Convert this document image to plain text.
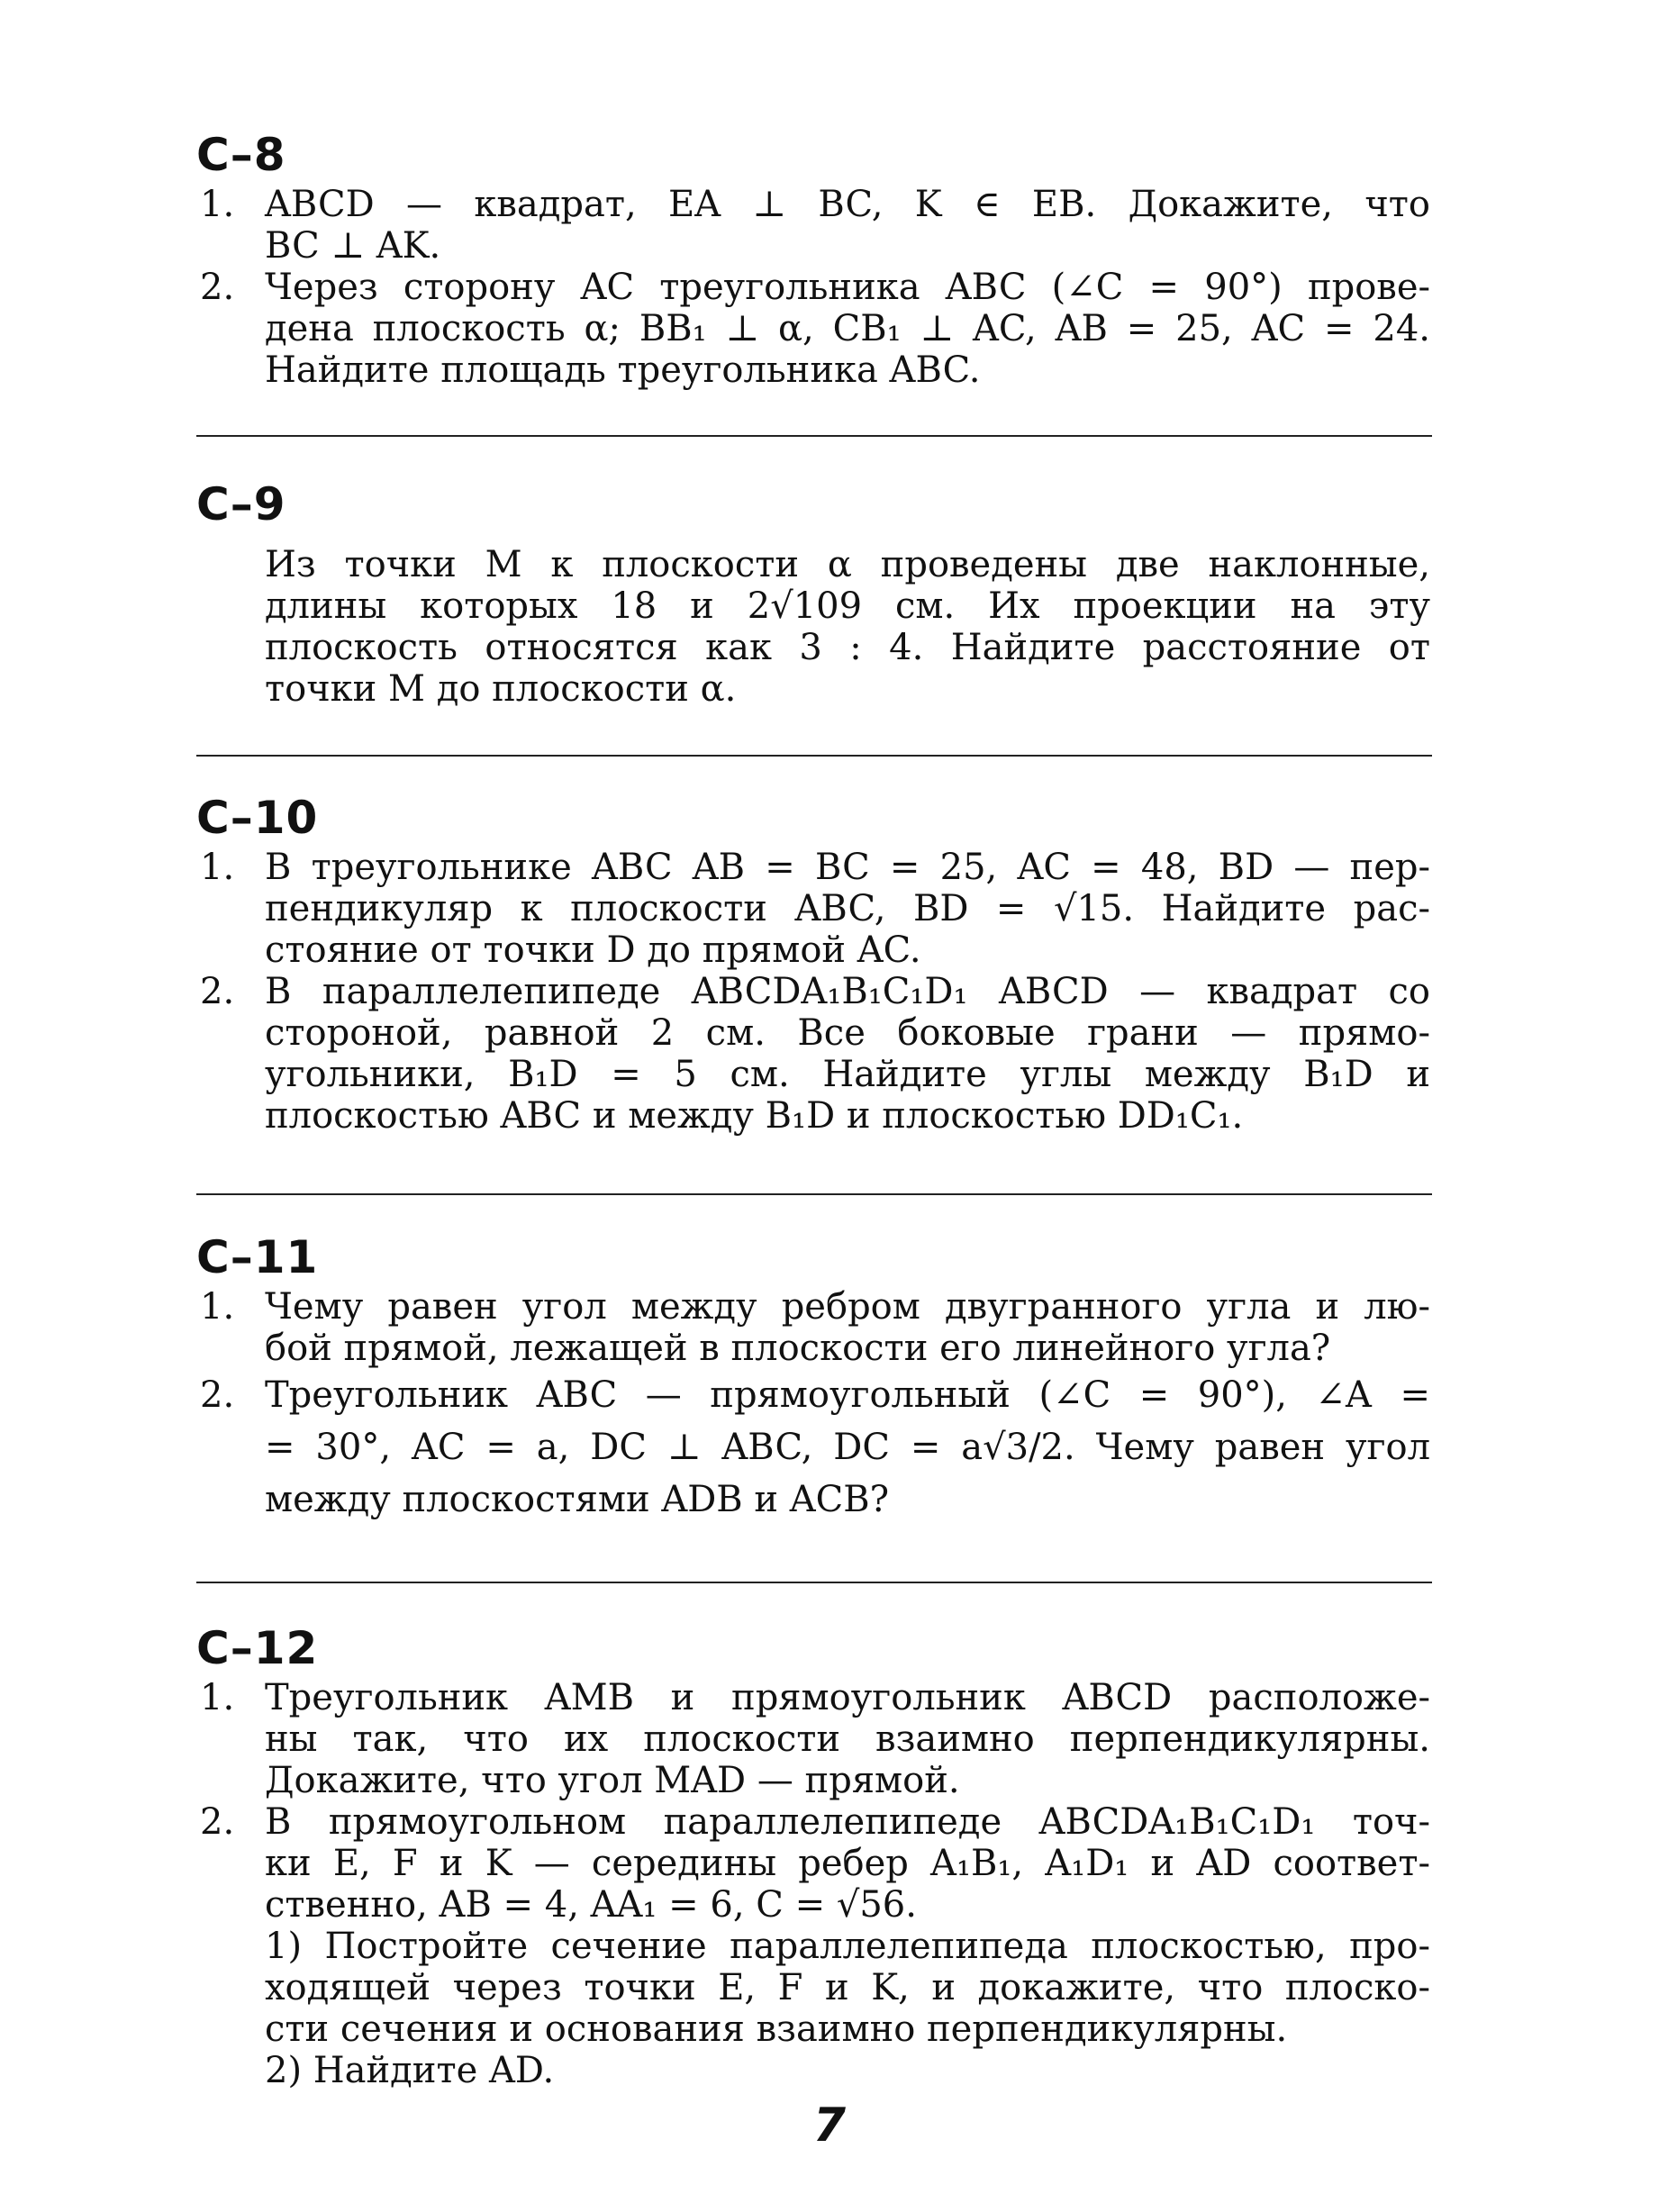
С–8
1. ABCD — квадрат, EA ⊥ BC, K ∈ EB. Докажите, что
BC ⊥ AK.
2. Через сторону AC треугольника ABC (∠C = 90°) прове-
дена плоскость α; BB₁ ⊥ α, CB₁ ⊥ AC, AB = 25, AC = 24.
Найдите площадь треугольника ABC.
С–9
Из точки M к плоскости α проведены две наклонные,
длины которых 18 и 2√109 см. Их проекции на эту
плоскость относятся как 3 : 4. Найдите расстояние от
точки M до плоскости α.
С–10
1. В треугольнике ABC AB = BC = 25, AC = 48, BD — пер-
пендикуляр к плоскости ABC, BD = √15. Найдите рас-
стояние от точки D до прямой AC.
2. В параллелепипеде ABCDA₁B₁C₁D₁ ABCD — квадрат со
стороной, равной 2 см. Все боковые грани — прямо-
угольники, B₁D = 5 см. Найдите углы между B₁D и
плоскостью ABC и между B₁D и плоскостью DD₁C₁.
С–11
1. Чему равен угол между ребром двугранного угла и лю-
бой прямой, лежащей в плоскости его линейного угла?
2. Треугольник ABC — прямоугольный (∠C = 90°), ∠A =
= 30°, AC = a, DC ⊥ ABC, DC = a√3/2. Чему равен угол
между плоскостями ADB и ACB?
С–12
1. Треугольник AMB и прямоугольник ABCD расположе-
ны так, что их плоскости взаимно перпендикулярны.
Докажите, что угол MAD — прямой.
2. В прямоугольном параллелепипеде ABCDA₁B₁C₁D₁ точ-
ки E, F и K — середины ребер A₁B₁, A₁D₁ и AD соответ-
ственно, AB = 4, AA₁ = 6, C = √56.
1) Постройте сечение параллелепипеда плоскостью, про-
ходящей через точки E, F и K, и докажите, что плоско-
сти сечения и основания взаимно перпендикулярны.
2) Найдите AD.
7
